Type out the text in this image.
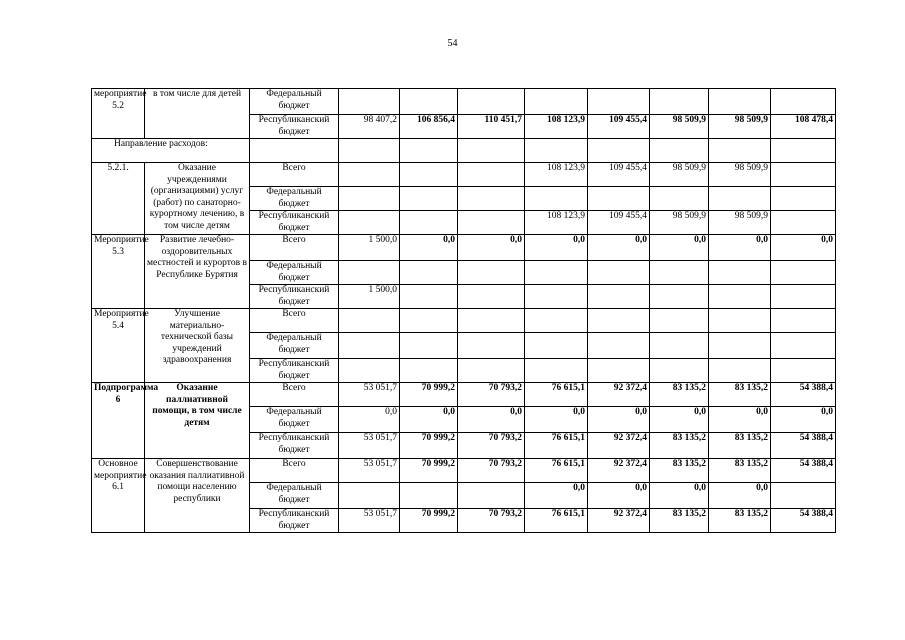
54
мероприятие 5.2	в том числе для детей	Федеральный бюджет								
		Республиканский бюджет	98 407,2	106 856,4	110 451,7	108 123,9	109 455,4	98 509,9	98 509,9	108 478,4
Направление расходов:										
5.2.1.	Оказание учреждениями (организациями) услуг (работ) по санаторно-курортному лечению, в том числе детям	Всего				108 123,9	109 455,4	98 509,9	98 509,9	
		Федеральный бюджет								
		Республиканский бюджет				108 123,9	109 455,4	98 509,9	98 509,9	
Мероприятие 5.3	Развитие лечебно-оздоровительных местностей и курортов в Республике Бурятия	Всего	1 500,0	0,0	0,0	0,0	0,0	0,0	0,0	0,0
		Федеральный бюджет								
		Республиканский бюджет	1 500,0							
Мероприятие 5.4	Улучшение материально-технической базы учреждений здравоохранения	Всего								
		Федеральный бюджет								
		Республиканский бюджет								
Подпрограмма 6	Оказание паллиативной помощи, в том числе детям	Всего	53 051,7	70 999,2	70 793,2	76 615,1	92 372,4	83 135,2	83 135,2	54 388,4
		Федеральный бюджет	0,0	0,0	0,0	0,0	0,0	0,0	0,0	0,0
		Республиканский бюджет	53 051,7	70 999,2	70 793,2	76 615,1	92 372,4	83 135,2	83 135,2	54 388,4
Основное мероприятие 6.1	Совершенствование оказания паллиативной помощи населению республики	Всего	53 051,7	70 999,2	70 793,2	76 615,1	92 372,4	83 135,2	83 135,2	54 388,4
		Федеральный бюджет				0,0	0,0	0,0	0,0	
		Республиканский бюджет	53 051,7	70 999,2	70 793,2	76 615,1	92 372,4	83 135,2	83 135,2	54 388,4
